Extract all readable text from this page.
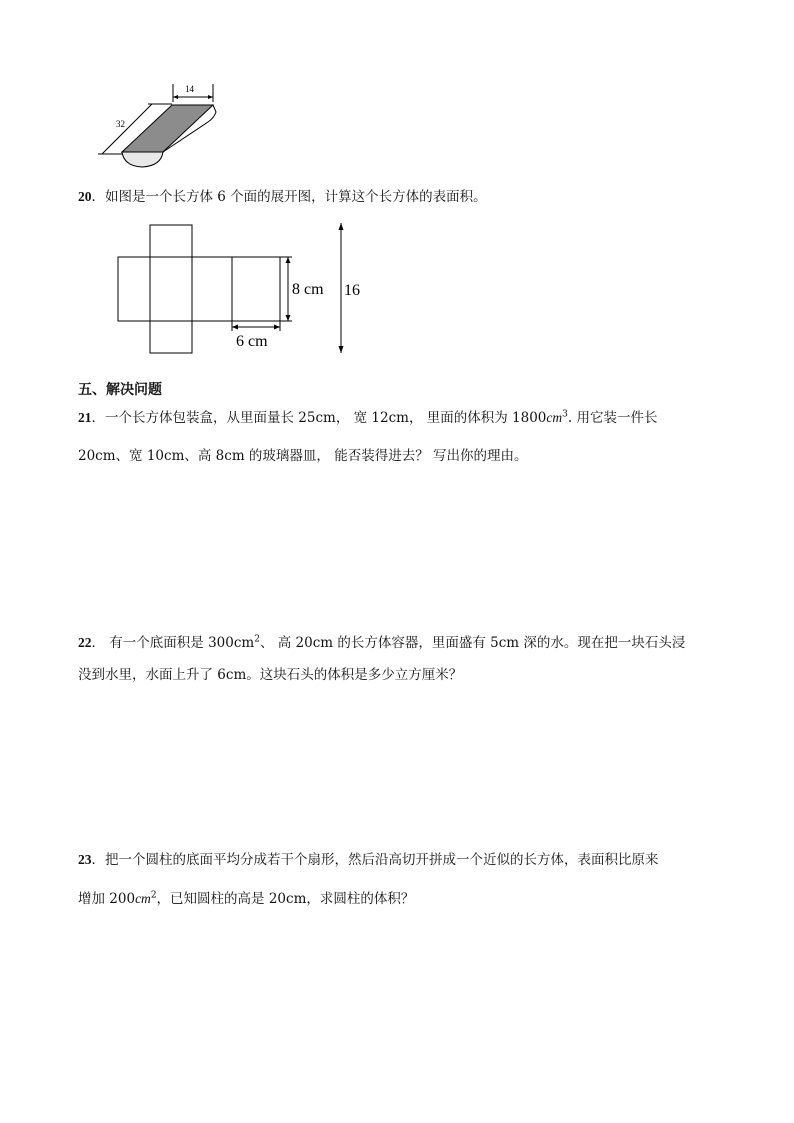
14
32
20．如图是一个长方体 6 个面的展开图，计算这个长方体的表面积。
8 cm
6 cm
16
五、解决问题
21．一个长方体包装盒，从里面量长 25cm， 宽 12cm， 里面的体积为 $1800cm^3$. 用它装一件长
20cm、宽 10cm、高 8cm 的玻璃器皿， 能否装得进去？ 写出你的理由。
22． 有一个底面积是 $300cm^2$、 高 20cm 的长方体容器，里面盛有 5cm 深的水。现在把一块石头浸
没到水里，水面上升了 6cm。这块石头的体积是多少立方厘米？
23．把一个圆柱的底面平均分成若干个扇形，然后沿高切开拼成一个近似的长方体，表面积比原来
增加 $200cm^2$，已知圆柱的高是 20cm，求圆柱的体积？
